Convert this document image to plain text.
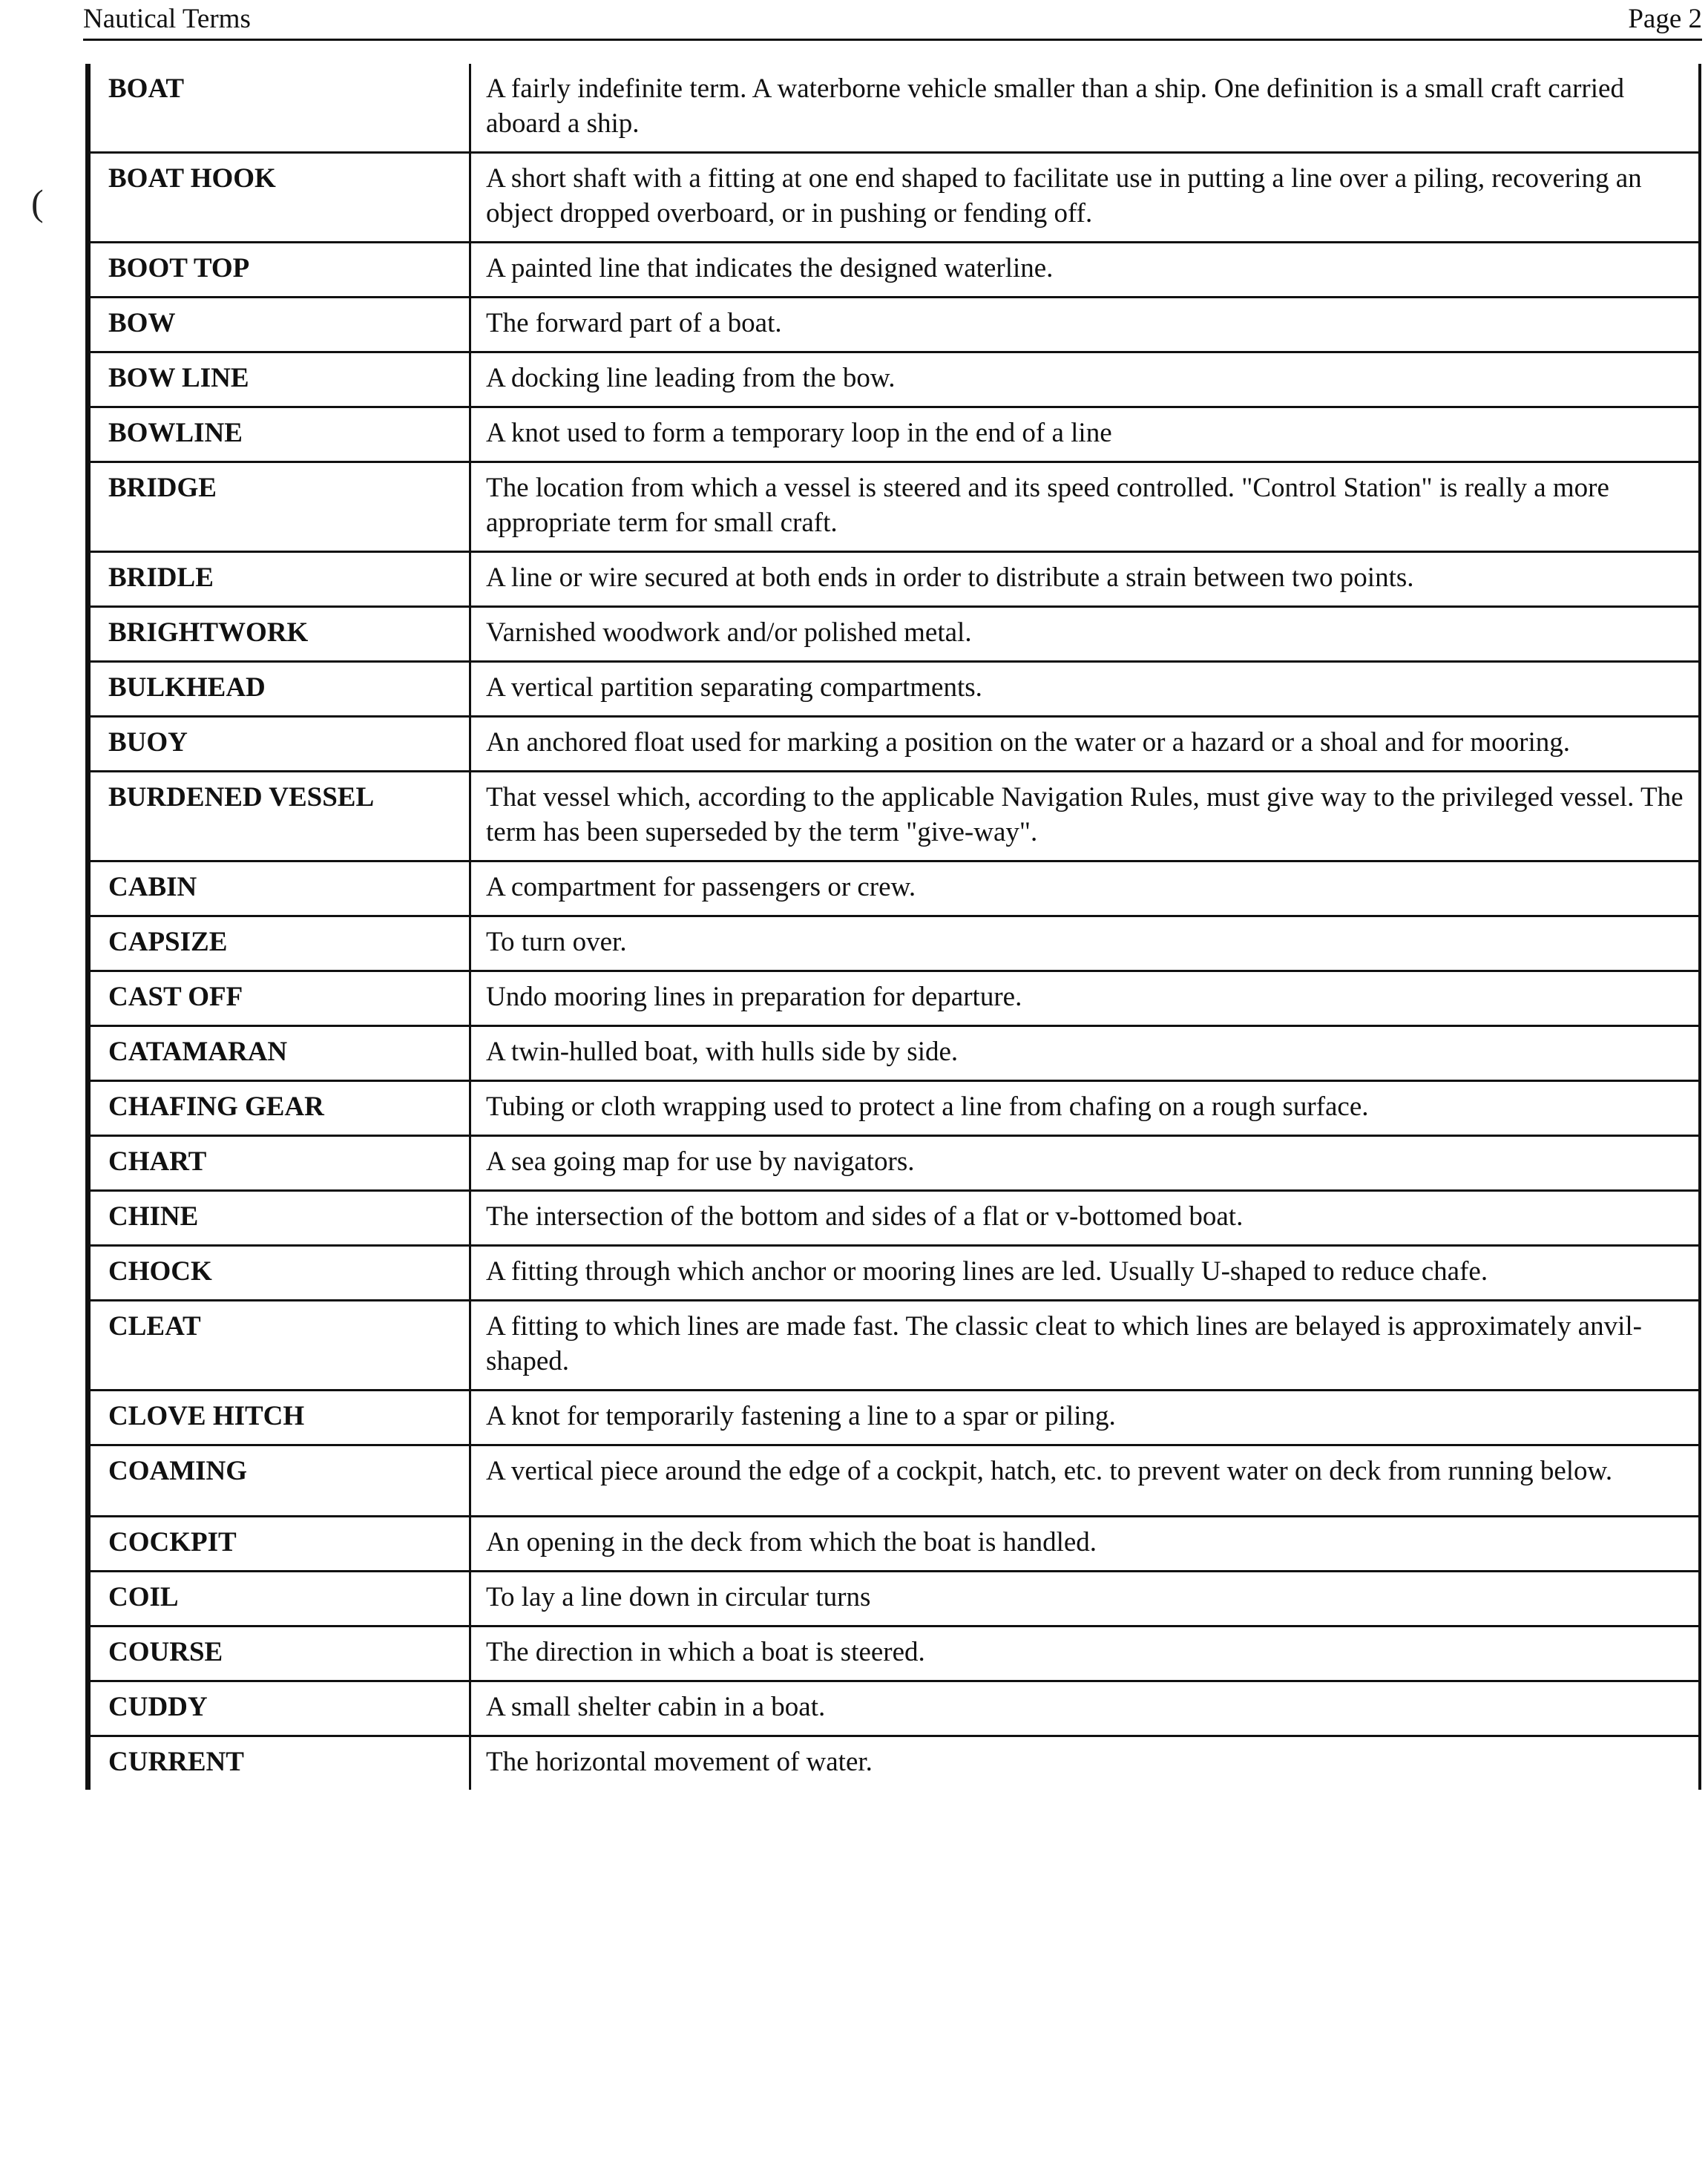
Nautical Terms	Page 2
(
BOAT	A fairly indefinite term. A waterborne vehicle smaller than a ship. One definition is a small craft carried aboard a ship.
BOAT HOOK	A short shaft with a fitting at one end shaped to facilitate use in putting a line over a piling, recovering an object dropped overboard, or in pushing or fending off.
BOOT TOP	A painted line that indicates the designed waterline.
BOW	The forward part of a boat.
BOW LINE	A docking line leading from the bow.
BOWLINE	A knot used to form a temporary loop in the end of a line
BRIDGE	The location from which a vessel is steered and its speed controlled. "Control Station" is really a more appropriate term for small craft.
BRIDLE	A line or wire secured at both ends in order to distribute a strain between two points.
BRIGHTWORK	Varnished woodwork and/or polished metal.
BULKHEAD	A vertical partition separating compartments.
BUOY	An anchored float used for marking a position on the water or a hazard or a shoal and for mooring.
BURDENED VESSEL	That vessel which, according to the applicable Navigation Rules, must give way to the privileged vessel. The term has been superseded by the term "give-way".
CABIN	A compartment for passengers or crew.
CAPSIZE	To turn over.
CAST OFF	Undo mooring lines in preparation for departure.
CATAMARAN	A twin-hulled boat, with hulls side by side.
CHAFING GEAR	Tubing or cloth wrapping used to protect a line from chafing on a rough surface.
CHART	A sea going map for use by navigators.
CHINE	The intersection of the bottom and sides of a flat or v-bottomed boat.
CHOCK	A fitting through which anchor or mooring lines are led. Usually U-shaped to reduce chafe.
CLEAT	A fitting to which lines are made fast. The classic cleat to which lines are belayed is approximately anvil-shaped.
CLOVE HITCH	A knot for temporarily fastening a line to a spar or piling.
COAMING	A vertical piece around the edge of a cockpit, hatch, etc. to prevent water on deck from running below.
COCKPIT	An opening in the deck from which the boat is handled.
COIL	To lay a line down in circular turns
COURSE	The direction in which a boat is steered.
CUDDY	A small shelter cabin in a boat.
CURRENT	The horizontal movement of water.
